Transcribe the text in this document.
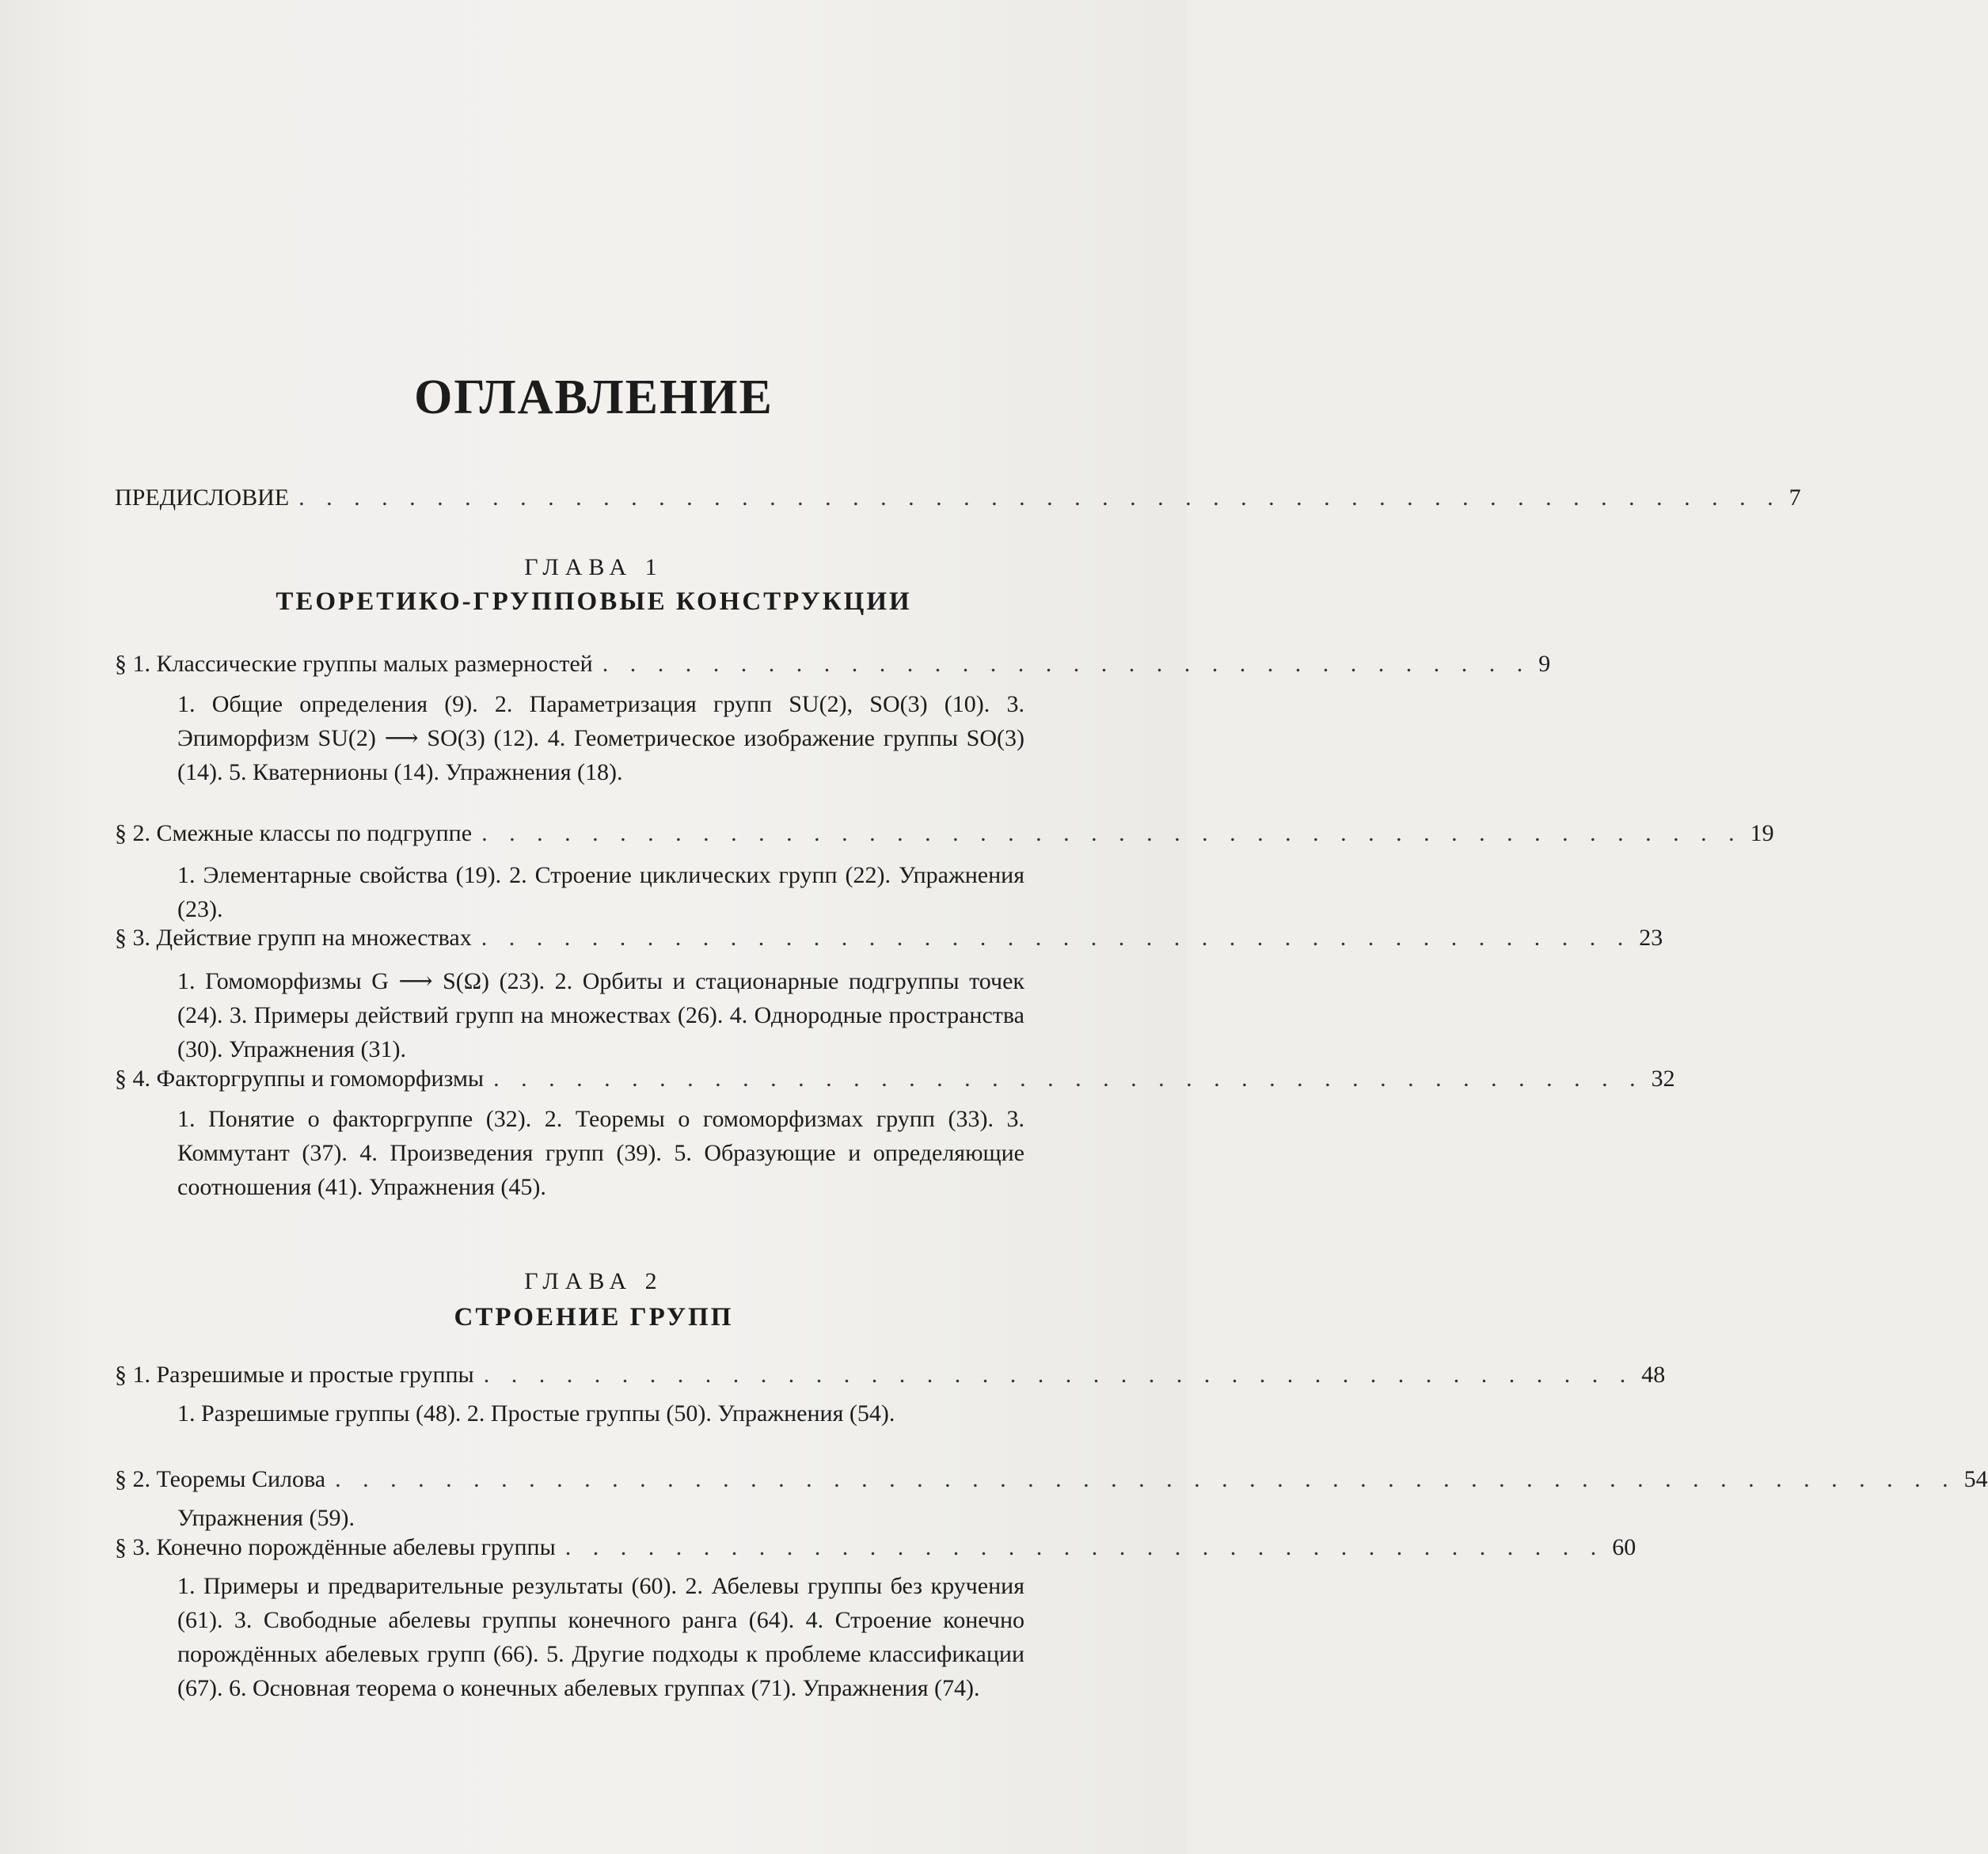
ОГЛАВЛЕНИЕ
ПРЕДИСЛОВИЕ . . . . . . . . . . . . . . . . . . . . . . . . . . . . . . . . . . . . . . . . . . . . . . . . . . . . . . 7
ГЛАВА 1
ТЕОРЕТИКО-ГРУППОВЫЕ КОНСТРУКЦИИ
§ 1. Классические группы малых размерностей . . . . . . . . . . . . . . . . . . . . . . . . . . . . . . . . . . 9
1. Общие определения (9). 2. Параметризация групп SU(2), SO(3) (10). 3. Эпиморфизм SU(2) ⟶ SO(3) (12). 4. Геометрическое изображение группы SO(3) (14). 5. Кватернионы (14). Упражнения (18).
§ 2. Смежные классы по подгруппе . . . . . . . . . . . . . . . . . . . . . . . . . . . . . . . . . . . . . . . . . . . . . . 19
1. Элементарные свойства (19). 2. Строение циклических групп (22). Упражнения (23).
§ 3. Действие групп на множествах . . . . . . . . . . . . . . . . . . . . . . . . . . . . . . . . . . . . . . . . . . 23
1. Гомоморфизмы G ⟶ S(Ω) (23). 2. Орбиты и стационарные подгруппы точек (24). 3. Примеры действий групп на множествах (26). 4. Однородные пространства (30). Упражнения (31).
§ 4. Факторгруппы и гомоморфизмы . . . . . . . . . . . . . . . . . . . . . . . . . . . . . . . . . . . . . . . . . . 32
1. Понятие о факторгруппе (32). 2. Теоремы о гомоморфизмах групп (33). 3. Коммутант (37). 4. Произведения групп (39). 5. Образующие и определяющие соотношения (41). Упражнения (45).
ГЛАВА 2
СТРОЕНИЕ ГРУПП
§ 1. Разрешимые и простые группы . . . . . . . . . . . . . . . . . . . . . . . . . . . . . . . . . . . . . . . . . . 48
1. Разрешимые группы (48). 2. Простые группы (50). Упражнения (54).
§ 2. Теоремы Силова . . . . . . . . . . . . . . . . . . . . . . . . . . . . . . . . . . . . . . . . . . . . . . . . . . . . . . . . . . . 54
Упражнения (59).
§ 3. Конечно порождённые абелевы группы . . . . . . . . . . . . . . . . . . . . . . . . . . . . . . . . . . . . . . 60
1. Примеры и предварительные результаты (60). 2. Абелевы группы без кручения (61). 3. Свободные абелевы группы конечного ранга (64). 4. Строение конечно порождённых абелевых групп (66). 5. Другие подходы к проблеме классификации (67). 6. Основная теорема о конечных абелевых группах (71). Упражнения (74).
